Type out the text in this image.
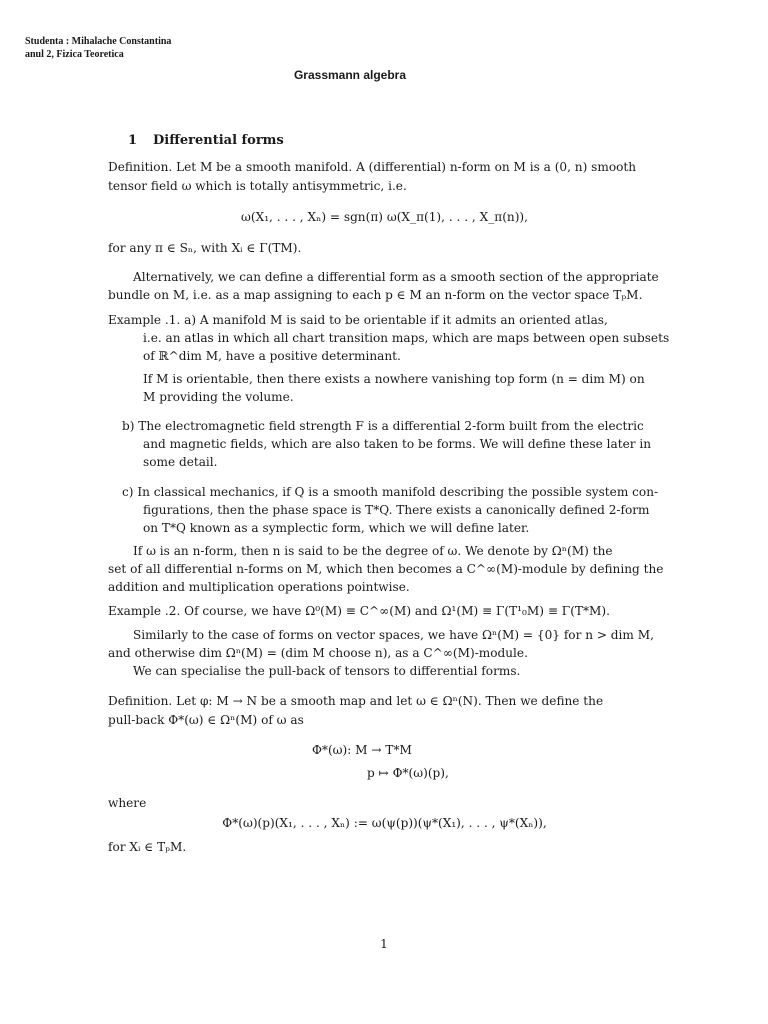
Studenta : Mihalache Constantina
anul 2, Fizica Teoretica
Grassmann algebra
1 Differential forms
Definition. Let M be a smooth manifold. A (differential) n-form on M is a (0, n) smooth
tensor field ω which is totally antisymmetric, i.e.
ω(X₁, . . . , Xₙ) = sgn(π) ω(X_π(1), . . . , X_π(n)),
for any π ∈ Sₙ, with Xᵢ ∈ Γ(TM).
Alternatively, we can define a differential form as a smooth section of the appropriate
bundle on M, i.e. as a map assigning to each p ∈ M an n-form on the vector space TₚM.
Example .1. a) A manifold M is said to be orientable if it admits an oriented atlas,
i.e. an atlas in which all chart transition maps, which are maps between open subsets
of ℝ^dim M, have a positive determinant.
If M is orientable, then there exists a nowhere vanishing top form (n = dim M) on
M providing the volume.
b) The electromagnetic field strength F is a differential 2-form built from the electric
and magnetic fields, which are also taken to be forms. We will define these later in
some detail.
c) In classical mechanics, if Q is a smooth manifold describing the possible system con-
figurations, then the phase space is T*Q. There exists a canonically defined 2-form
on T*Q known as a symplectic form, which we will define later.
If ω is an n-form, then n is said to be the degree of ω. We denote by Ωⁿ(M) the
set of all differential n-forms on M, which then becomes a C^∞(M)-module by defining the
addition and multiplication operations pointwise.
Example .2. Of course, we have Ω⁰(M) ≡ C^∞(M) and Ω¹(M) ≡ Γ(T¹₀M) ≡ Γ(T*M).
Similarly to the case of forms on vector spaces, we have Ωⁿ(M) = {0} for n > dim M,
and otherwise dim Ωⁿ(M) = (dim M choose n), as a C^∞(M)-module.
We can specialise the pull-back of tensors to differential forms.
Definition. Let φ: M → N be a smooth map and let ω ∈ Ωⁿ(N). Then we define the
pull-back Φ*(ω) ∈ Ωⁿ(M) of ω as
Φ*(ω): M → T*M
p ↦ Φ*(ω)(p),
where
Φ*(ω)(p)(X₁, . . . , Xₙ) := ω(ψ(p))(ψ*(X₁), . . . , ψ*(Xₙ)),
for Xᵢ ∈ TₚM.
1
